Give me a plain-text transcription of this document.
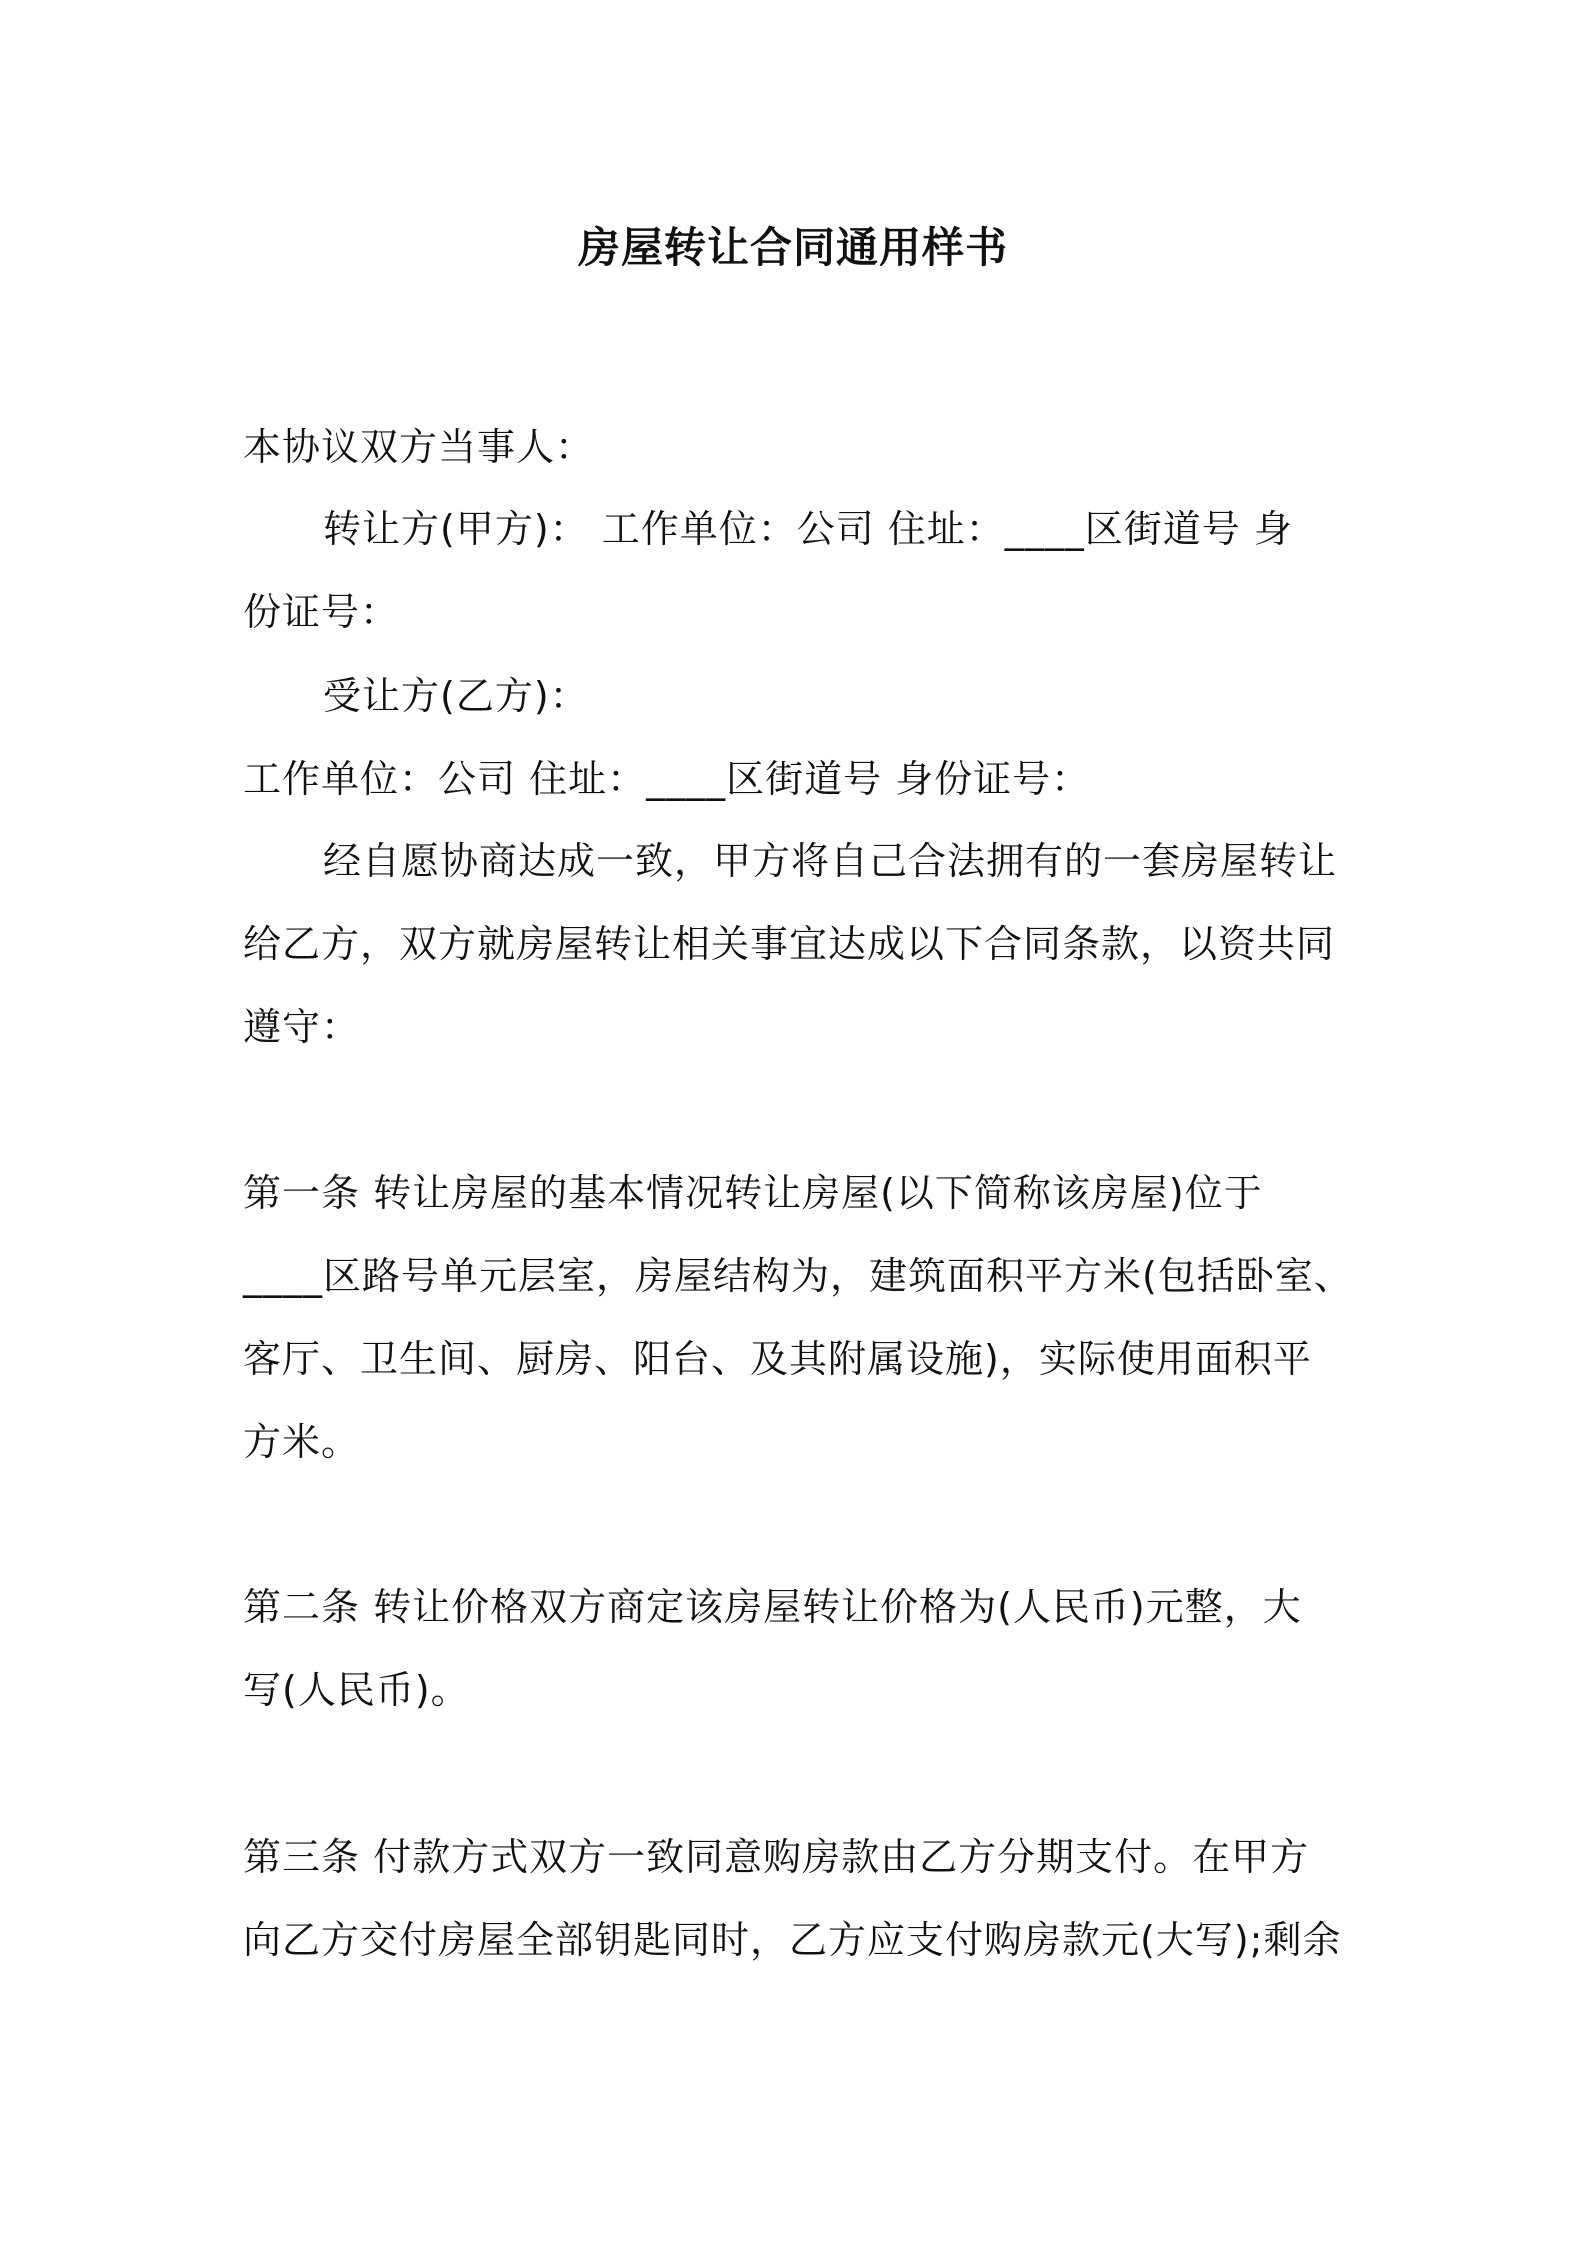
房屋转让合同通用样书
本协议双方当事人：
转让方(甲方)： 工作单位：公司 住址：____区街道号 身
份证号：
受让方(乙方)：
工作单位：公司 住址：____区街道号 身份证号：
经自愿协商达成一致，甲方将自己合法拥有的一套房屋转让
给乙方，双方就房屋转让相关事宜达成以下合同条款，以资共同
遵守：
第一条 转让房屋的基本情况转让房屋(以下简称该房屋)位于
____区路号单元层室，房屋结构为，建筑面积平方米(包括卧室、
客厅、卫生间、厨房、阳台、及其附属设施)，实际使用面积平
方米。
第二条 转让价格双方商定该房屋转让价格为(人民币)元整，大
写(人民币)。
第三条 付款方式双方一致同意购房款由乙方分期支付。在甲方
向乙方交付房屋全部钥匙同时，乙方应支付购房款元(大写);剩余
